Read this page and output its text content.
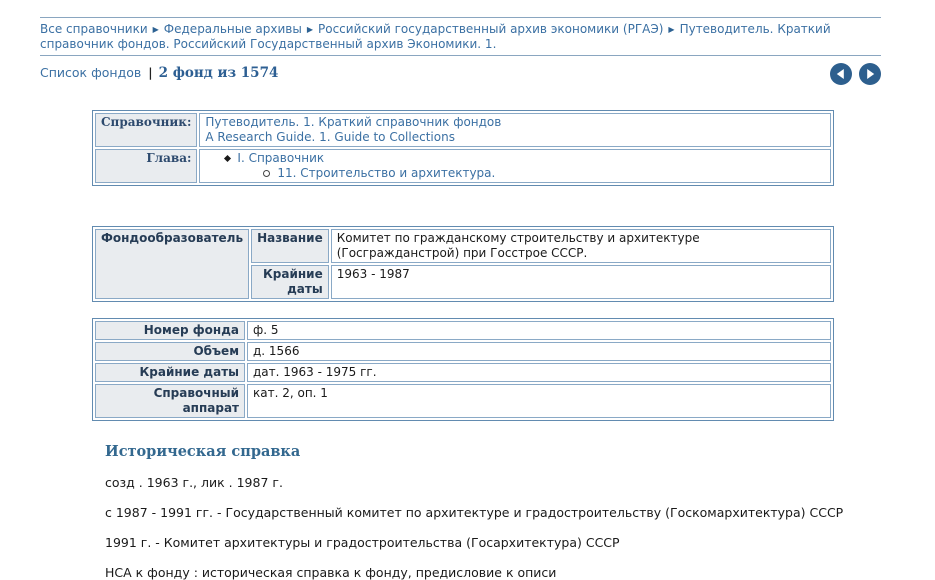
Все справочники ▶ Федеральные архивы ▶ Российский государственный архив экономики (РГАЭ) ▶ Путеводитель. Краткий справочник фондов. Российский Государственный архив Экономики. 1.
Список фондов | 2 фонд из 1574

Справочник:	Путеводитель. 1. Краткий справочник фондов
A Research Guide. 1. Guide to Collections

Глава:	I. Справочник
11. Строительство и архитектура.
Фондообразователь	Название	Комитет по гражданскому строительству и архитектуре (Госгражданстрой) при Госстрое СССР.
	Крайние даты	1963 - 1987
Номер фонда	ф. 5
Объем	д. 1566
Крайние даты	дат. 1963 - 1975 гг.
Справочный аппарат	кат. 2, оп. 1
Историческая справка

созд . 1963 г., лик . 1987 г.

с 1987 - 1991 гг. - Государственный комитет по архитектуре и градостроительству (Госкомархитектура) СССР

1991 г. - Комитет архитектуры и градостроительства (Госархитектура) СССР

НСА к фонду : историческая справка к фонду, предисловие к описи
